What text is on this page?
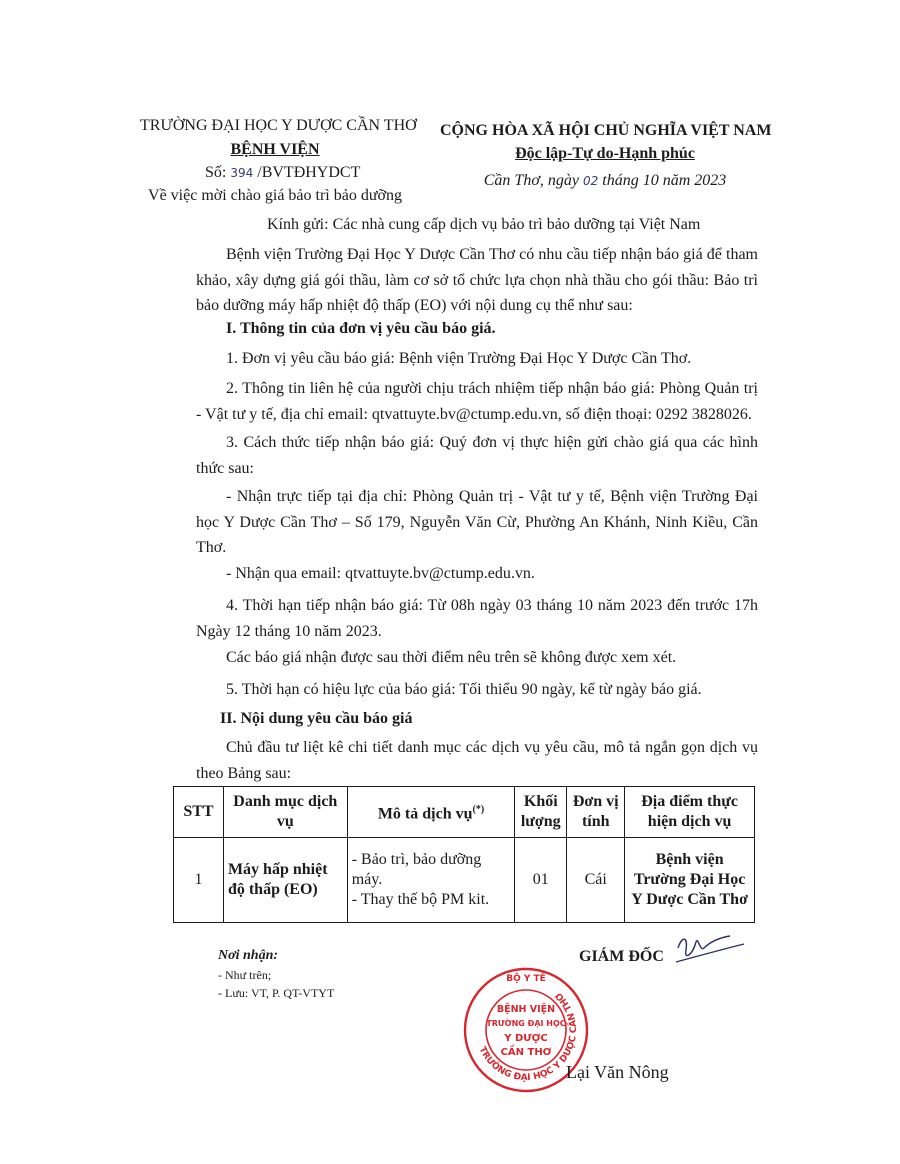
TRƯỜNG ĐẠI HỌC Y DƯỢC CẦN THƠ
BỆNH VIỆN
Số: 394 /BVTĐHYDCT
Về việc mời chào giá bảo trì bảo dưỡng
CỘNG HÒA XÃ HỘI CHỦ NGHĨA VIỆT NAM
Độc lập-Tự do-Hạnh phúc
Cần Thơ, ngày 02 tháng 10 năm 2023
Kính gửi: Các nhà cung cấp dịch vụ bảo trì bảo dưỡng tại Việt Nam
Bệnh viện Trường Đại Học Y Dược Cần Thơ có nhu cầu tiếp nhận báo giá để tham khảo, xây dựng giá gói thầu, làm cơ sở tổ chức lựa chọn nhà thầu cho gói thầu: Bảo trì bảo dưỡng máy hấp nhiệt độ thấp (EO) với nội dung cụ thể như sau:
I. Thông tin của đơn vị yêu cầu báo giá.
1. Đơn vị yêu cầu báo giá: Bệnh viện Trường Đại Học Y Dược Cần Thơ.
2. Thông tin liên hệ của người chịu trách nhiệm tiếp nhận báo giá: Phòng Quản trị - Vật tư y tế, địa chỉ email: qtvattuyte.bv@ctump.edu.vn, số điện thoại: 0292 3828026.
3. Cách thức tiếp nhận báo giá: Quý đơn vị thực hiện gửi chào giá qua các hình thức sau:
- Nhận trực tiếp tại địa chỉ: Phòng Quản trị - Vật tư y tế, Bệnh viện Trường Đại học Y Dược Cần Thơ – Số 179, Nguyễn Văn Cừ, Phường An Khánh, Ninh Kiều, Cần Thơ.
- Nhận qua email: qtvattuyte.bv@ctump.edu.vn.
4. Thời hạn tiếp nhận báo giá: Từ 08h ngày 03 tháng 10 năm 2023 đến trước 17h Ngày 12 tháng 10 năm 2023.
Các báo giá nhận được sau thời điểm nêu trên sẽ không được xem xét.
5. Thời hạn có hiệu lực của báo giá: Tối thiểu 90 ngày, kể từ ngày báo giá.
II. Nội dung yêu cầu báo giá
Chủ đầu tư liệt kê chi tiết danh mục các dịch vụ yêu cầu, mô tả ngắn gọn dịch vụ theo Bảng sau:
STT	Danh mục dịch vụ	Mô tả dịch vụ(*)	Khối lượng	Đơn vị tính	Địa điểm thực hiện dịch vụ
1	Máy hấp nhiệt độ thấp (EO)	- Bảo trì, bảo dưỡng máy.
- Thay thế bộ PM kit.	01	Cái	Bệnh viện Trường Đại Học Y Dược Cần Thơ
Nơi nhận:
- Như trên;
- Lưu: VT, P. QT-VTYT
GIÁM ĐỐC
TRƯỜNG ĐẠI HỌC Y DƯỢC CẦN THƠ
BỘ Y TẾ
BỆNH VIỆN
TRƯỜNG ĐẠI HỌC
Y DƯỢC
CẦN THƠ
Lại Văn Nông
